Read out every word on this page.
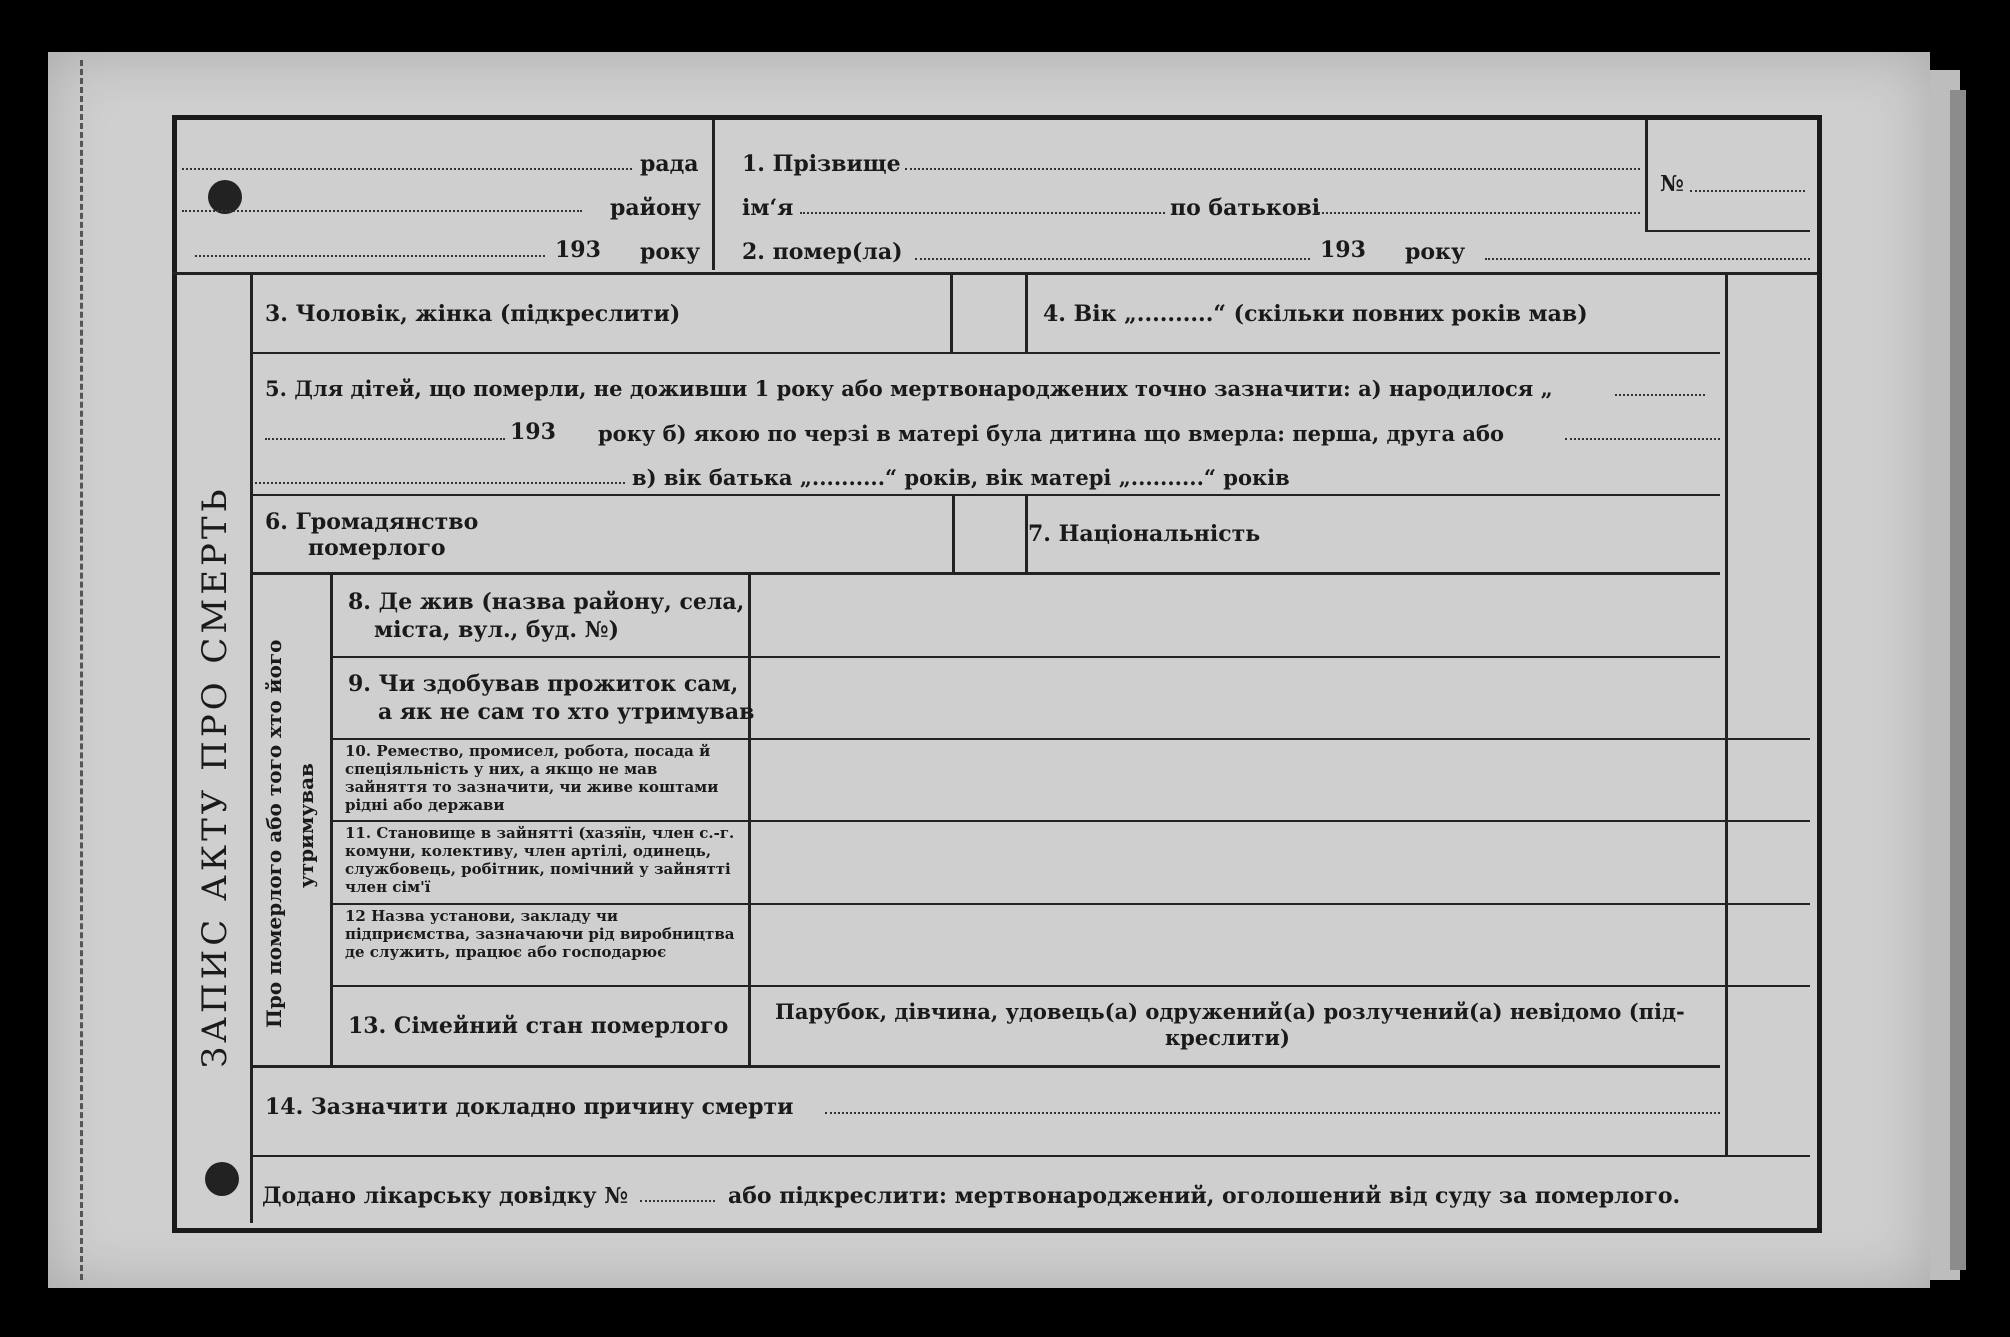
рада
району
193 року
1. Прізвище
ім‘я	по батькові
2. помер(ла)	193 року
№
ЗАПИС АКТУ ПРО СМЕРТЬ Про померлого або того хто його утримував
3. Чоловік, жінка (підкреслити)	4. Вік „..........“ (скільки повних років мав)
5. Для дітей, що померли, не доживши 1 року або мертвонароджених точно зазначити: а) народилося „
193 року б) якою по черзі в матері була дитина що вмерла: перша, друга або
в) вік батька „..........“ років, вік матері „..........“ років
6. Громадянство
померлого
7. Національність
8. Де жив (назва району, села,
міста, вул., буд. №)
9. Чи здобував прожиток сам,
а як не сам то хто утримував
10. Ремество, промисел, робота, посада й спеціяльність у них, а якщо не мав зайняття то зазначити, чи живе коштами рідні або держави
11. Становище в зайнятті (хазяїн, член с.-г. комуни, колективу, член артілі, одинець, службовець, робітник, помічний у зайнятті член сім'ї
12 Назва установи, закладу чи підприємства, зазначаючи рід виробництва де служить, працює або господарює
13. Сімейний стан померлого
Парубок, дівчина, удовець(а) одружений(а) розлучений(а) невідомо (під-
креслити)
14. Зазначити докладно причину смерти
Додано лікарську довідку №	або підкреслити: мертвонароджений, оголошений від суду за померлого.
